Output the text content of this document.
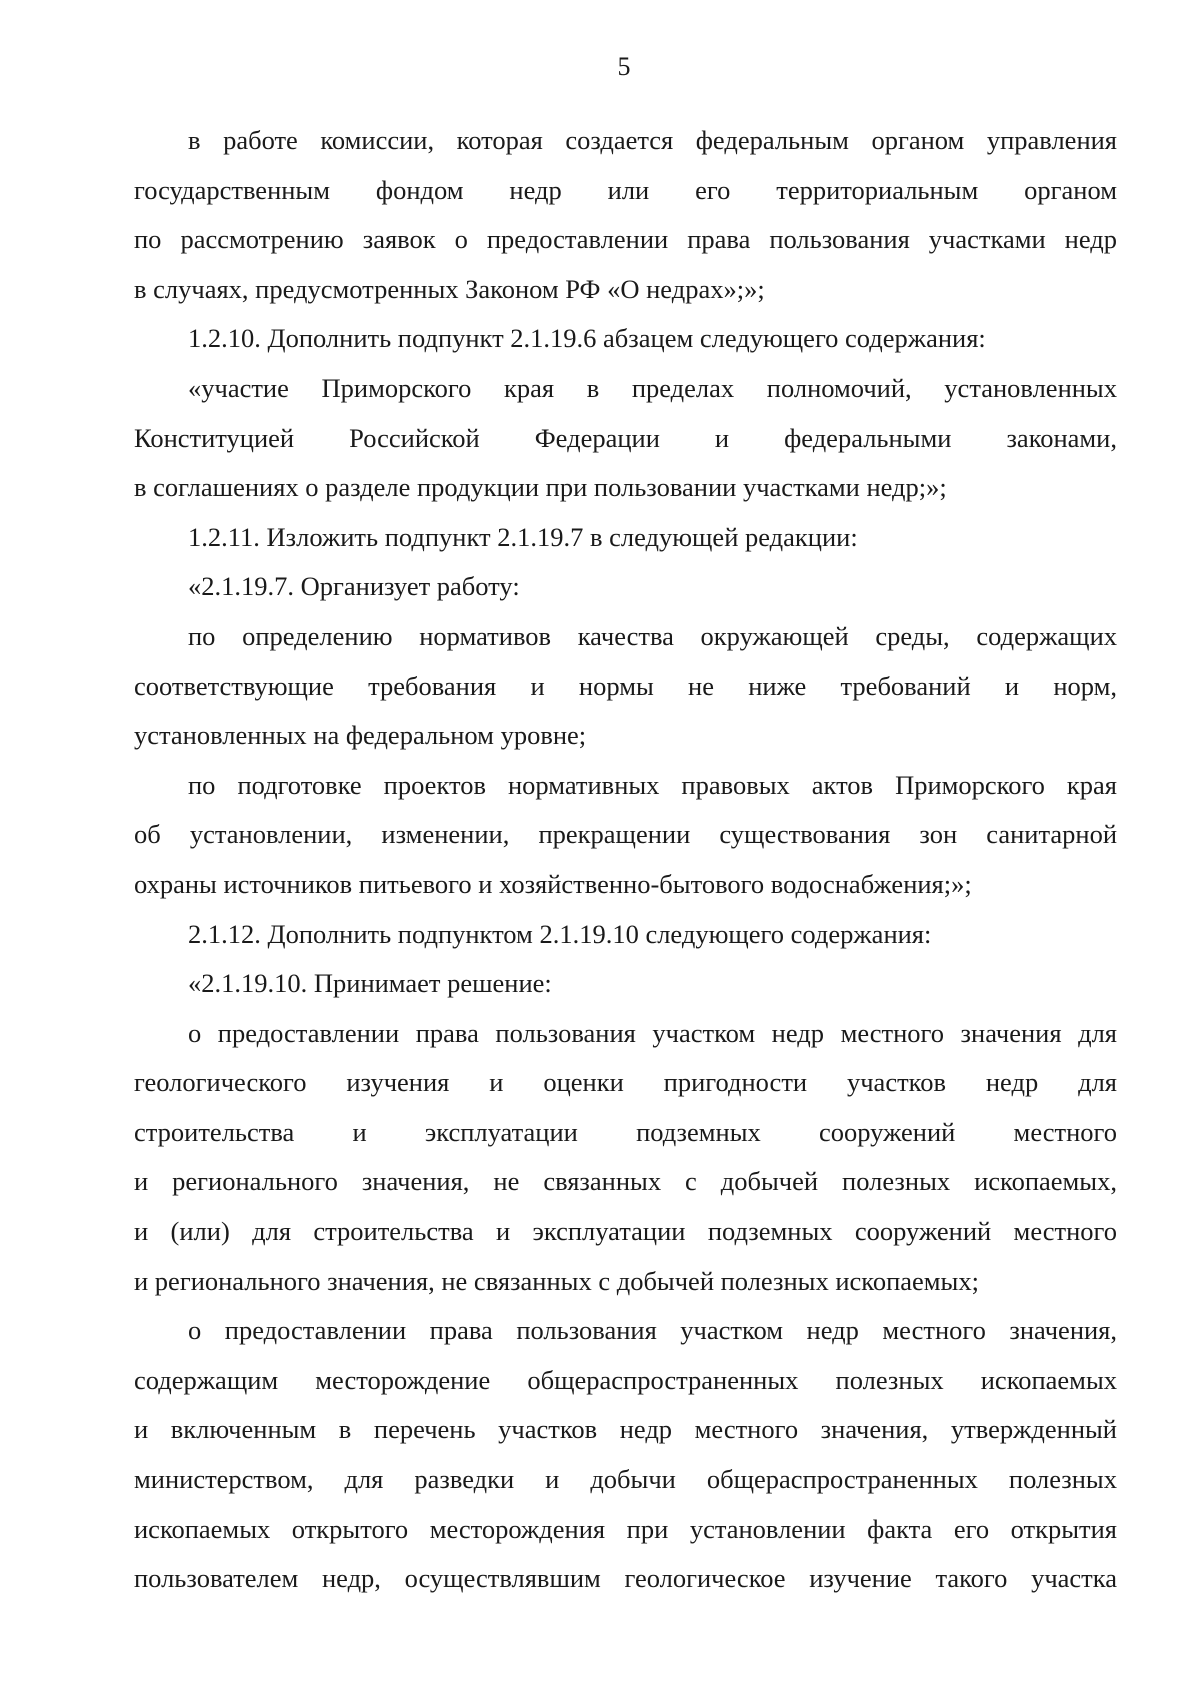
5
в работе комиссии, которая создается федеральным органом управления
государственным фондом недр или его территориальным органом
по рассмотрению заявок о предоставлении права пользования участками недр
в случаях, предусмотренных Законом РФ «О недрах»;»;
1.2.10. Дополнить подпункт 2.1.19.6 абзацем следующего содержания:
«участие Приморского края в пределах полномочий, установленных
Конституцией Российской Федерации и федеральными законами,
в соглашениях о разделе продукции при пользовании участками недр;»;
1.2.11. Изложить подпункт 2.1.19.7 в следующей редакции:
«2.1.19.7. Организует работу:
по определению нормативов качества окружающей среды, содержащих
соответствующие требования и нормы не ниже требований и норм,
установленных на федеральном уровне;
по подготовке проектов нормативных правовых актов Приморского края
об установлении, изменении, прекращении существования зон санитарной
охраны источников питьевого и хозяйственно-бытового водоснабжения;»;
2.1.12. Дополнить подпунктом 2.1.19.10 следующего содержания:
«2.1.19.10. Принимает решение:
о предоставлении права пользования участком недр местного значения для
геологического изучения и оценки пригодности участков недр для
строительства и эксплуатации подземных сооружений местного
и регионального значения, не связанных с добычей полезных ископаемых,
и (или) для строительства и эксплуатации подземных сооружений местного
и регионального значения, не связанных с добычей полезных ископаемых;
о предоставлении права пользования участком недр местного значения,
содержащим месторождение общераспространенных полезных ископаемых
и включенным в перечень участков недр местного значения, утвержденный
министерством, для разведки и добычи общераспространенных полезных
ископаемых открытого месторождения при установлении факта его открытия
пользователем недр, осуществлявшим геологическое изучение такого участка
